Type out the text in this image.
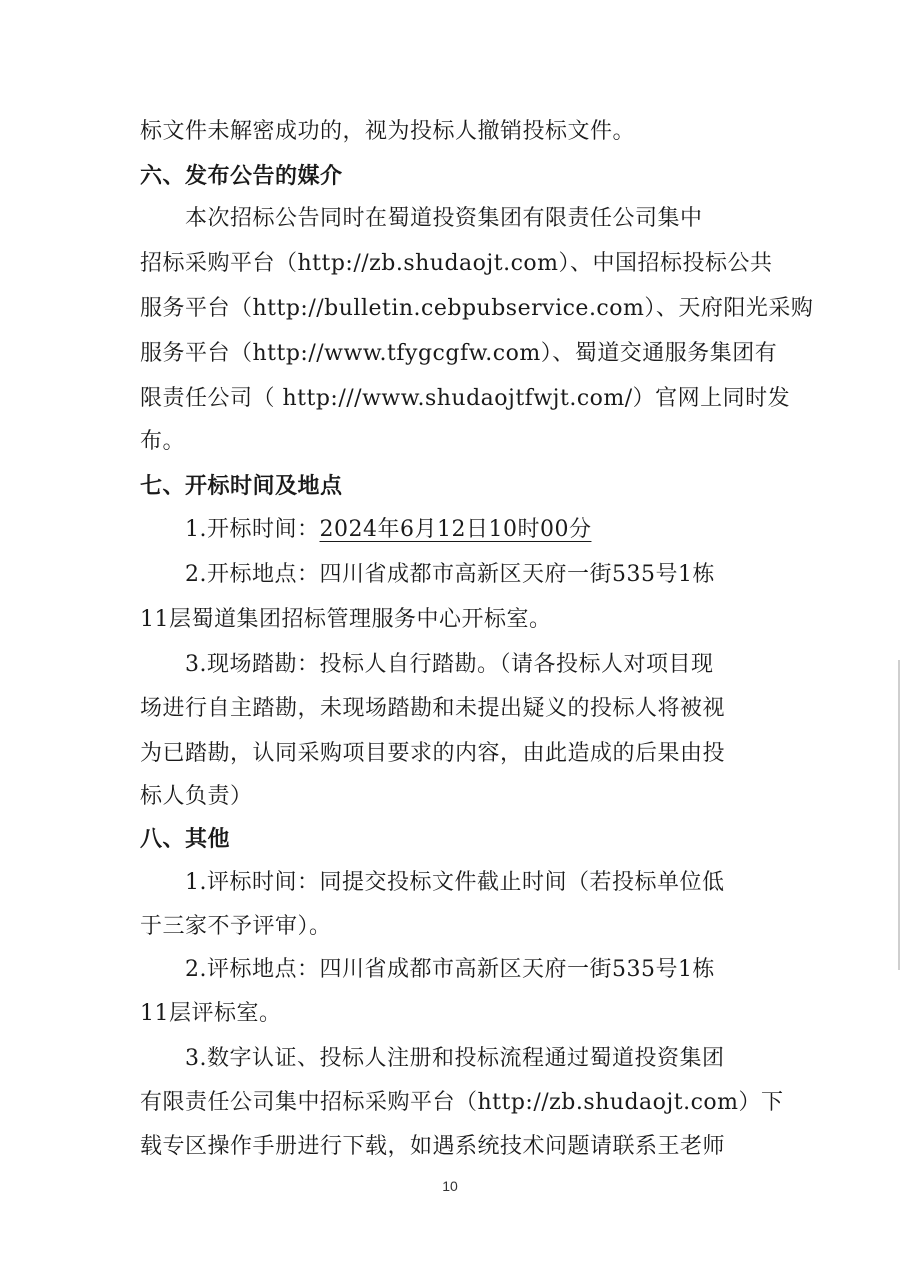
标文件未解密成功的，视为投标人撤销投标文件。
六、发布公告的媒介
本次招标公告同时在蜀道投资集团有限责任公司集中
招标采购平台（http://zb.shudaojt.com）、中国招标投标公共
服务平台（http://bulletin.cebpubservice.com）、天府阳光采购
服务平台（http://www.tfygcgfw.com）、蜀道交通服务集团有
限责任公司（ http:///www.shudaojtfwjt.com/）官网上同时发
布。
七、开标时间及地点
1.开标时间：2024年6月12日10时00分
2.开标地点：四川省成都市高新区天府一街535号1栋
11层蜀道集团招标管理服务中心开标室。
3.现场踏勘：投标人自行踏勘。（请各投标人对项目现
场进行自主踏勘，未现场踏勘和未提出疑义的投标人将被视
为已踏勘，认同采购项目要求的内容，由此造成的后果由投
标人负责）
八、其他
1.评标时间：同提交投标文件截止时间（若投标单位低
于三家不予评审）。
2.评标地点：四川省成都市高新区天府一街535号1栋
11层评标室。
3.数字认证、投标人注册和投标流程通过蜀道投资集团
有限责任公司集中招标采购平台（http://zb.shudaojt.com）下
载专区操作手册进行下载，如遇系统技术问题请联系王老师
10
